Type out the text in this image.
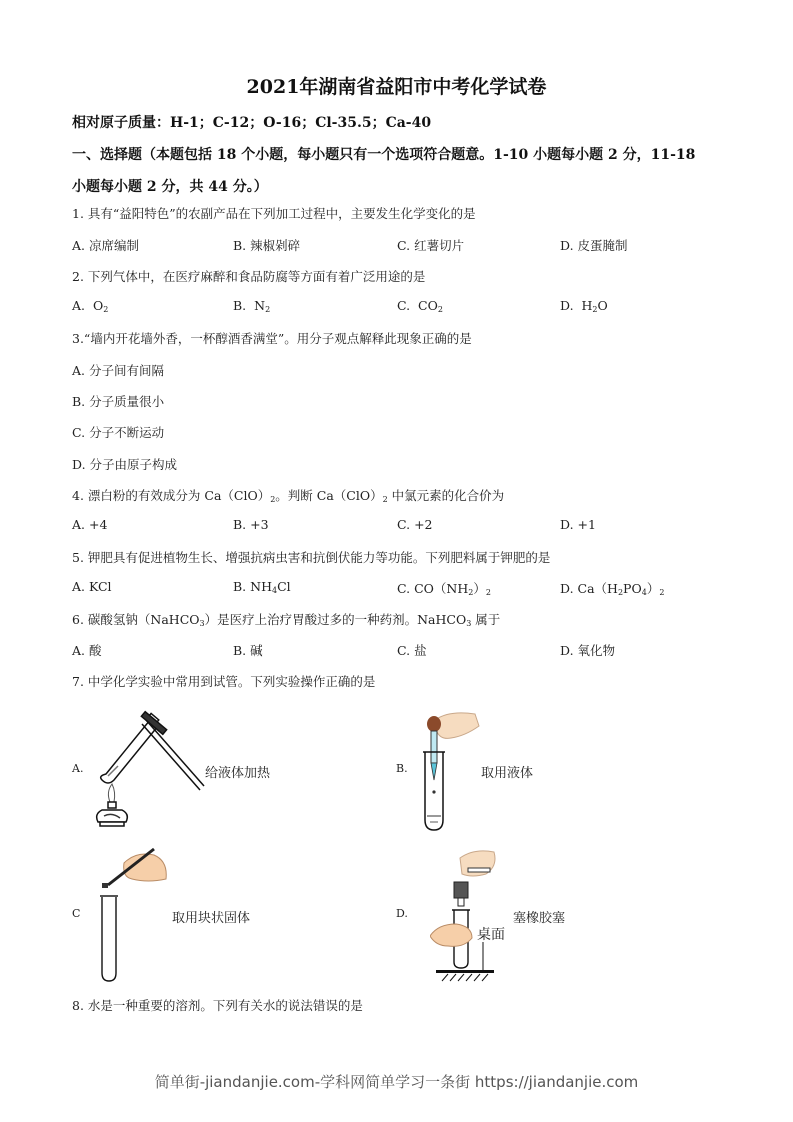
2021年湖南省益阳市中考化学试卷
相对原子质量：H-1；C-12；O-16；Cl-35.5；Ca-40
一、选择题（本题包括 18 个小题，每小题只有一个选项符合题意。1-10 小题每小题 2 分，11-18
小题每小题 2 分，共 44 分。）
1. 具有“益阳特色”的农副产品在下列加工过程中，主要发生化学变化的是
A. 凉席编制	B. 辣椒剁碎	C. 红薯切片	D. 皮蛋腌制
2. 下列气体中，在医疗麻醉和食品防腐等方面有着广泛用途的是
A. $O_2$	B. $N_2$	C. $CO_2$	D. $H_2O$
3.“墙内开花墙外香，一杯醇酒香满堂”。用分子观点解释此现象正确的是
A. 分子间有间隔
B. 分子质量很小
C. 分子不断运动
D. 分子由原子构成
4. 漂白粉的有效成分为 $Ca(ClO)_2$。判断 $Ca(ClO)_2$ 中氯元素的化合价为
A. +4	B. +3	C. +2	D. +1
5. 钾肥具有促进植物生长、增强抗病虫害和抗倒伏能力等功能。下列肥料属于钾肥的是
A. KCl	B. $NH_4Cl$	C. $CO(NH_2)_2$	D. $Ca(H_2PO_4)_2$
6. 碳酸氢钠（NaHCO$_3$）是医疗上治疗胃酸过多的一种药剂。NaHCO$_3$ 属于
A. 酸	B. 碱	C. 盐	D. 氧化物
7. 中学化学实验中常用到试管。下列实验操作正确的是
A.	给液体加热	B.	取用液体
C	取用块状固体	D.
桌面
塞橡胶塞
8. 水是一种重要的溶剂。下列有关水的说法错误的是
简单街-jiandanjie.com-学科网简单学习一条街 https://jiandanjie.com
